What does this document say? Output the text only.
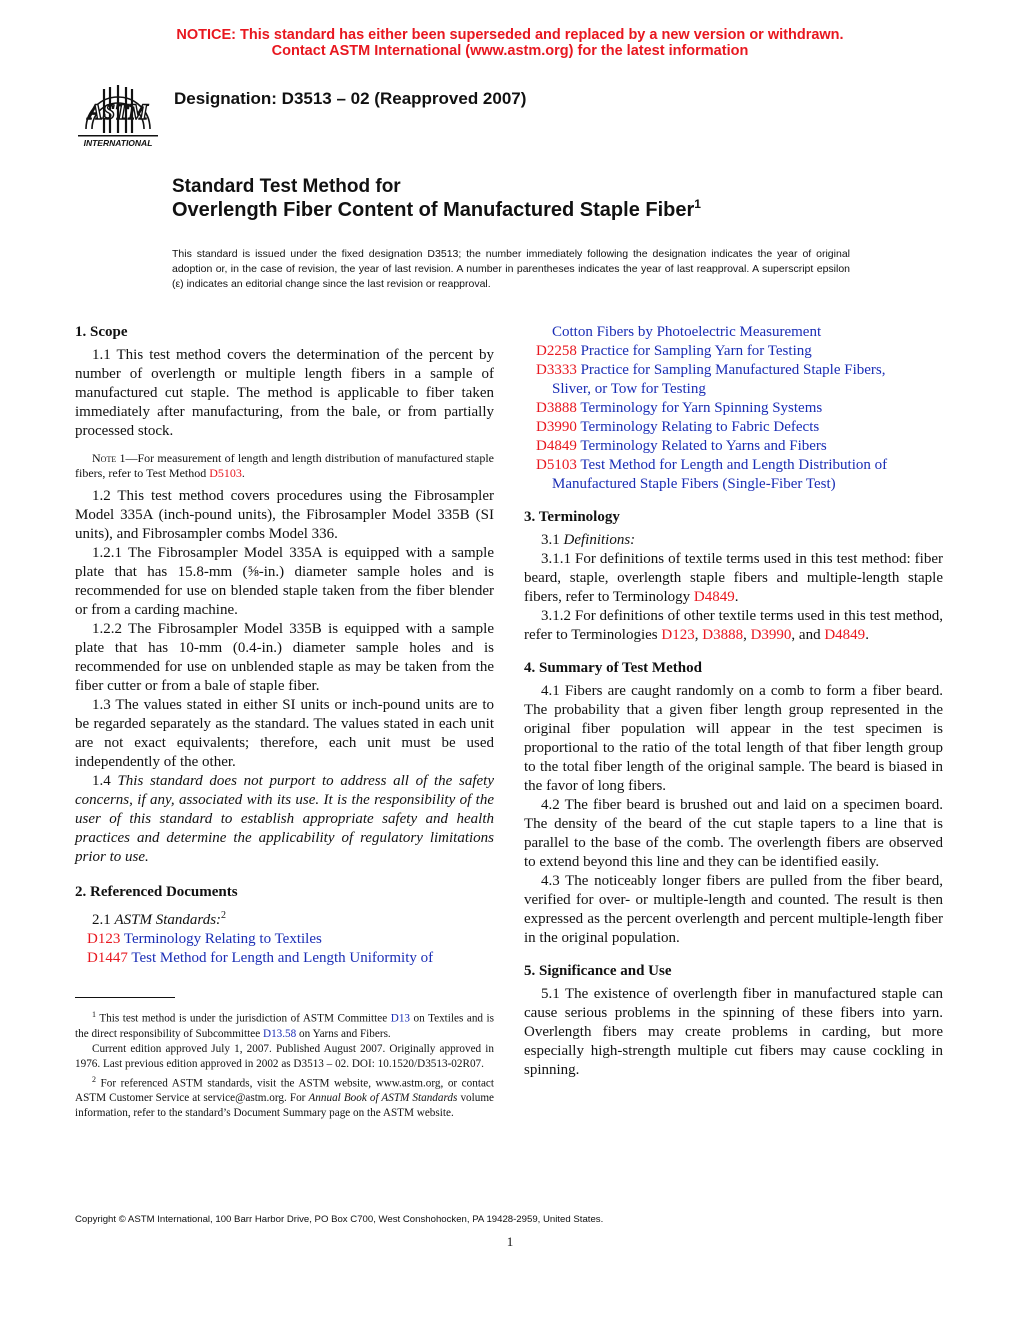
NOTICE: This standard has either been superseded and replaced by a new version or withdrawn.
Contact ASTM International (www.astm.org) for the latest information
ASTM
INTERNATIONAL
Designation: D3513 – 02 (Reapproved 2007)
Standard Test Method for
Overlength Fiber Content of Manufactured Staple Fiber$^1$
This standard is issued under the fixed designation D3513; the number immediately following the designation indicates the year of original adoption or, in the case of revision, the year of last revision. A number in parentheses indicates the year of last reapproval. A superscript epsilon (ε) indicates an editorial change since the last revision or reapproval.

1. Scope

1.1 This test method covers the determination of the percent by number of overlength or multiple length fibers in a sample of manufactured cut staple. The method is applicable to fiber taken immediately after manufacturing, from the bale, or from partially processed stock.

Note 1—For measurement of length and length distribution of manufactured staple fibers, refer to Test Method D5103.

1.2 This test method covers procedures using the Fibrosampler Model 335A (inch-pound units), the Fibrosampler Model 335B (SI units), and Fibrosampler combs Model 336.

1.2.1 The Fibrosampler Model 335A is equipped with a sample plate that has 15.8-mm (⅝-in.) diameter sample holes and is recommended for use on blended staple taken from the fiber blender or from a carding machine.

1.2.2 The Fibrosampler Model 335B is equipped with a sample plate that has 10-mm (0.4-in.) diameter sample holes and is recommended for use on unblended staple as may be taken from the fiber cutter or from a bale of staple fiber.

1.3 The values stated in either SI units or inch-pound units are to be regarded separately as the standard. The values stated in each unit are not exact equivalents; therefore, each unit must be used independently of the other.

1.4 This standard does not purport to address all of the safety concerns, if any, associated with its use. It is the responsibility of the user of this standard to establish appropriate safety and health practices and determine the applicability of regulatory limitations prior to use.

2. Referenced Documents

2.1 ASTM Standards:$^2$

D123 Terminology Relating to Textiles

D1447 Test Method for Length and Length Uniformity of

Cotton Fibers by Photoelectric Measurement

D2258 Practice for Sampling Yarn for Testing

D3333 Practice for Sampling Manufactured Staple Fibers,

Sliver, or Tow for Testing

D3888 Terminology for Yarn Spinning Systems

D3990 Terminology Relating to Fabric Defects

D4849 Terminology Related to Yarns and Fibers

D5103 Test Method for Length and Length Distribution of

Manufactured Staple Fibers (Single-Fiber Test)

3. Terminology

3.1 Definitions:

3.1.1 For definitions of textile terms used in this test method: fiber beard, staple, overlength staple fibers and multiple-length staple fibers, refer to Terminology D4849.

3.1.2 For definitions of other textile terms used in this test method, refer to Terminologies D123, D3888, D3990, and D4849.

4. Summary of Test Method

4.1 Fibers are caught randomly on a comb to form a fiber beard. The probability that a given fiber length group represented in the original fiber population will appear in the test specimen is proportional to the ratio of the total length of that fiber length group to the total fiber length of the original sample. The beard is biased in the favor of long fibers.

4.2 The fiber beard is brushed out and laid on a specimen board. The density of the beard of the cut staple tapers to a line that is parallel to the base of the comb. The overlength fibers are observed to extend beyond this line and they can be identified easily.

4.3 The noticeably longer fibers are pulled from the fiber beard, verified for over- or multiple-length and counted. The result is then expressed as the percent overlength and percent multiple-length fiber in the original population.

5. Significance and Use

5.1 The existence of overlength fiber in manufactured staple can cause serious problems in the spinning of these fibers into yarn. Overlength fibers may create problems in carding, but more especially high-strength multiple cut fibers may cause cockling in spinning.

$^1$ This test method is under the jurisdiction of ASTM Committee D13 on Textiles and is the direct responsibility of Subcommittee D13.58 on Yarns and Fibers.

Current edition approved July 1, 2007. Published August 2007. Originally approved in 1976. Last previous edition approved in 2002 as D3513 – 02. DOI: 10.1520/D3513-02R07.

$^2$ For referenced ASTM standards, visit the ASTM website, www.astm.org, or contact ASTM Customer Service at service@astm.org. For Annual Book of ASTM Standards volume information, refer to the standard’s Document Summary page on the ASTM website.

Copyright © ASTM International, 100 Barr Harbor Drive, PO Box C700, West Conshohocken, PA 19428-2959, United States.
1
